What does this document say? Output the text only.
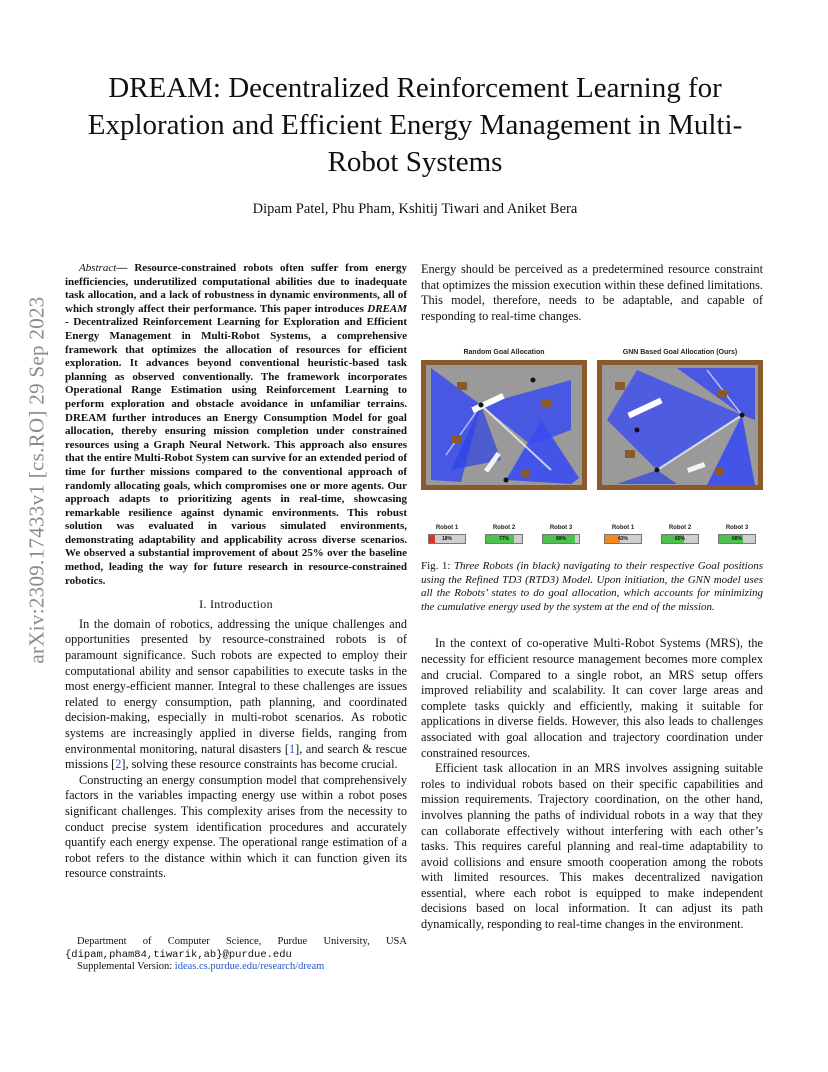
arXiv:2309.17433v1 [cs.RO] 29 Sep 2023
DREAM: Decentralized Reinforcement Learning for Exploration and Efficient Energy Management in Multi-Robot Systems
Dipam Patel, Phu Pham, Kshitij Tiwari and Aniket Bera
Abstract— Resource-constrained robots often suffer from energy inefficiencies, underutilized computational abilities due to inadequate task allocation, and a lack of robustness in dynamic environments, all of which strongly affect their performance. This paper introduces DREAM - Decentralized Reinforcement Learning for Exploration and Efficient Energy Management in Multi-Robot Systems, a comprehensive framework that optimizes the allocation of resources for efficient exploration. It advances beyond conventional heuristic-based task planning as observed conventionally. The framework incorporates Operational Range Estimation using Reinforcement Learning to perform exploration and obstacle avoidance in unfamiliar terrains. DREAM further introduces an Energy Consumption Model for goal allocation, thereby ensuring mission completion under constrained resources using a Graph Neural Network. This approach also ensures that the entire Multi-Robot System can survive for an extended period of time for further missions compared to the conventional approach of randomly allocating goals, which compromises one or more agents. Our approach adapts to prioritizing agents in real-time, showcasing remarkable resilience against dynamic environments. This robust solution was evaluated in various simulated environments, demonstrating adaptability and applicability across diverse scenarios. We observed a substantial improvement of about 25% over the baseline method, leading the way for future research in resource-constrained robotics.
I. Introduction

In the domain of robotics, addressing the unique challenges and opportunities presented by resource-constrained robots is of paramount significance. Such robots are expected to employ their computational ability and sensor capabilities to execute tasks in the most energy-efficient manner. Integral to these challenges are issues related to energy consumption, path planning, and coordinated decision-making, especially in multi-robot scenarios. As robotic systems are increasingly applied in diverse fields, ranging from environmental monitoring, natural disasters [1], and search & rescue missions [2], solving these resource constraints has become crucial.

Constructing an energy consumption model that comprehensively factors in the variables impacting energy use within a robot poses significant challenges. This complexity arises from the necessity to conduct precise system identification procedures and accurately quantify each energy expense. The operational range estimation of a robot refers to the distance within which it can function given its resource constraints.

Department of Computer Science, Purdue University, USA
{dipam,pham84,tiwarik,ab}@purdue.edu
Supplemental Version: ideas.cs.purdue.edu/research/dream

Energy should be perceived as a predetermined resource constraint that optimizes the mission execution within these defined limitations. This model, therefore, needs to be adaptable, and capable of responding to real-time changes.

Random Goal Allocation	GNN Based Goal Allocation (Ours)
Robot 1
18%
Robot 2
77%
Robot 3
89%
Robot 1
43%
Robot 2
60%
Robot 3
68%
Fig. 1: Three Robots (in black) navigating to their respective Goal positions using the Refined TD3 (RTD3) Model. Upon initiation, the GNN model uses all the Robots’ states to do goal allocation, which accounts for minimizing the cumulative energy used by the system at the end of the mission.

In the context of co-operative Multi-Robot Systems (MRS), the necessity for efficient resource management becomes more complex and crucial. Compared to a single robot, an MRS setup offers improved reliability and scalability. It can cover large areas and complete tasks quickly and efficiently, making it suitable for applications in diverse fields. However, this also leads to challenges associated with goal allocation and trajectory coordination under constrained resources.

Efficient task allocation in an MRS involves assigning suitable roles to individual robots based on their specific capabilities and mission requirements. Trajectory coordination, on the other hand, involves planning the paths of individual robots in a way that they can collaborate effectively without interfering with each other’s tasks. This requires careful planning and real-time adaptability to avoid collisions and ensure smooth cooperation among the robots with limited resources. This makes decentralized navigation essential, where each robot is equipped to make independent decisions based on local information. It can adjust its path dynamically, responding to real-time changes in the environment.
